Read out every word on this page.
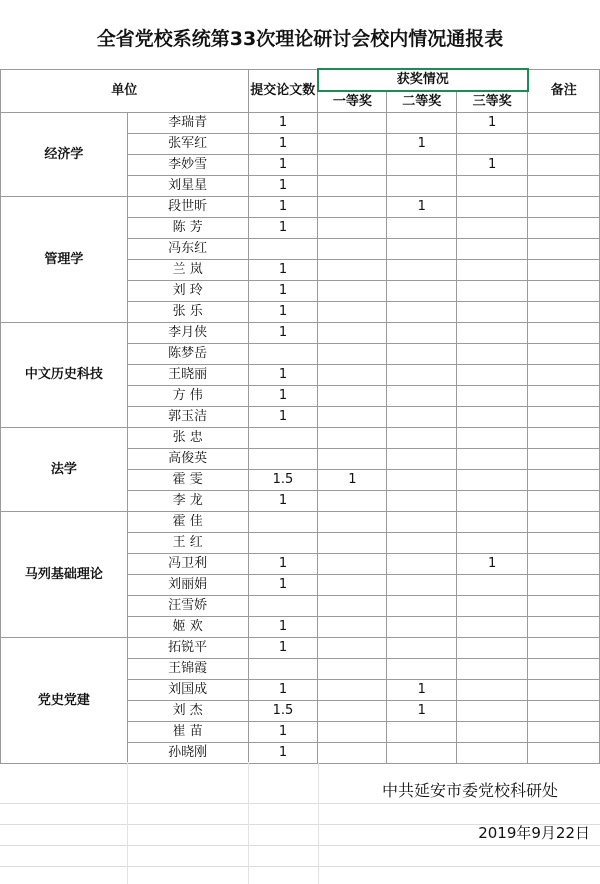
全省党校系统第33次理论研讨会校内情况通报表
单位		提交论文数	获奖情况			备注
			一等奖	二等奖	三等奖	
经济学	李瑞青	1			1	
	张军红	1		1		
	李妙雪	1			1	
	刘星星	1				
管理学	段世昕	1		1		
	陈 芳	1				
	冯东红					
	兰 岚	1				
	刘 玲	1				
	张 乐	1				
中文历史科技	李月侠	1				
	陈梦岳					
	王晓丽	1				
	方 伟	1				
	郭玉洁	1				
法学	张 忠					
	高俊英					
	霍 雯	1.5	1			
	李 龙	1				
马列基础理论	霍 佳					
	王 红					
	冯卫利	1			1	
	刘丽娟	1				
	汪雪娇					
	姬 欢	1				
党史党建	拓锐平	1				
	王锦霞					
	刘国成	1		1		
	刘 杰	1.5		1		
	崔 苗	1				
	孙晓刚	1				
中共延安市委党校科研处
2019年9月22日
